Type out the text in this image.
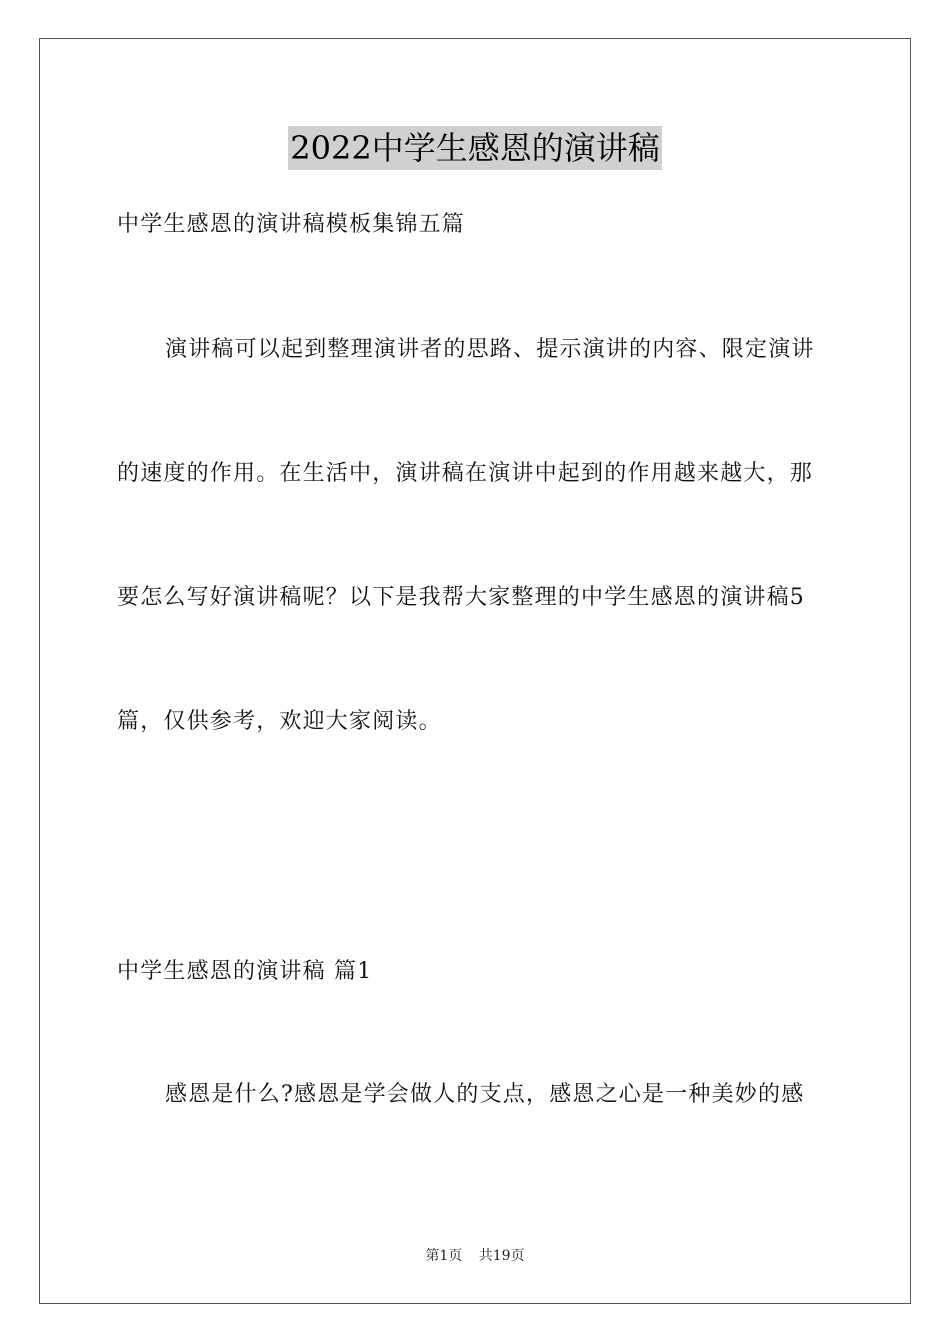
2022中学生感恩的演讲稿
中学生感恩的演讲稿模板集锦五篇
演讲稿可以起到整理演讲者的思路、提示演讲的内容、限定演讲
的速度的作用。在生活中，演讲稿在演讲中起到的作用越来越大，那
要怎么写好演讲稿呢？以下是我帮大家整理的中学生感恩的演讲稿5
篇，仅供参考，欢迎大家阅读。
中学生感恩的演讲稿 篇1
感恩是什么?感恩是学会做人的支点，感恩之心是一种美妙的感
第1页 共19页
